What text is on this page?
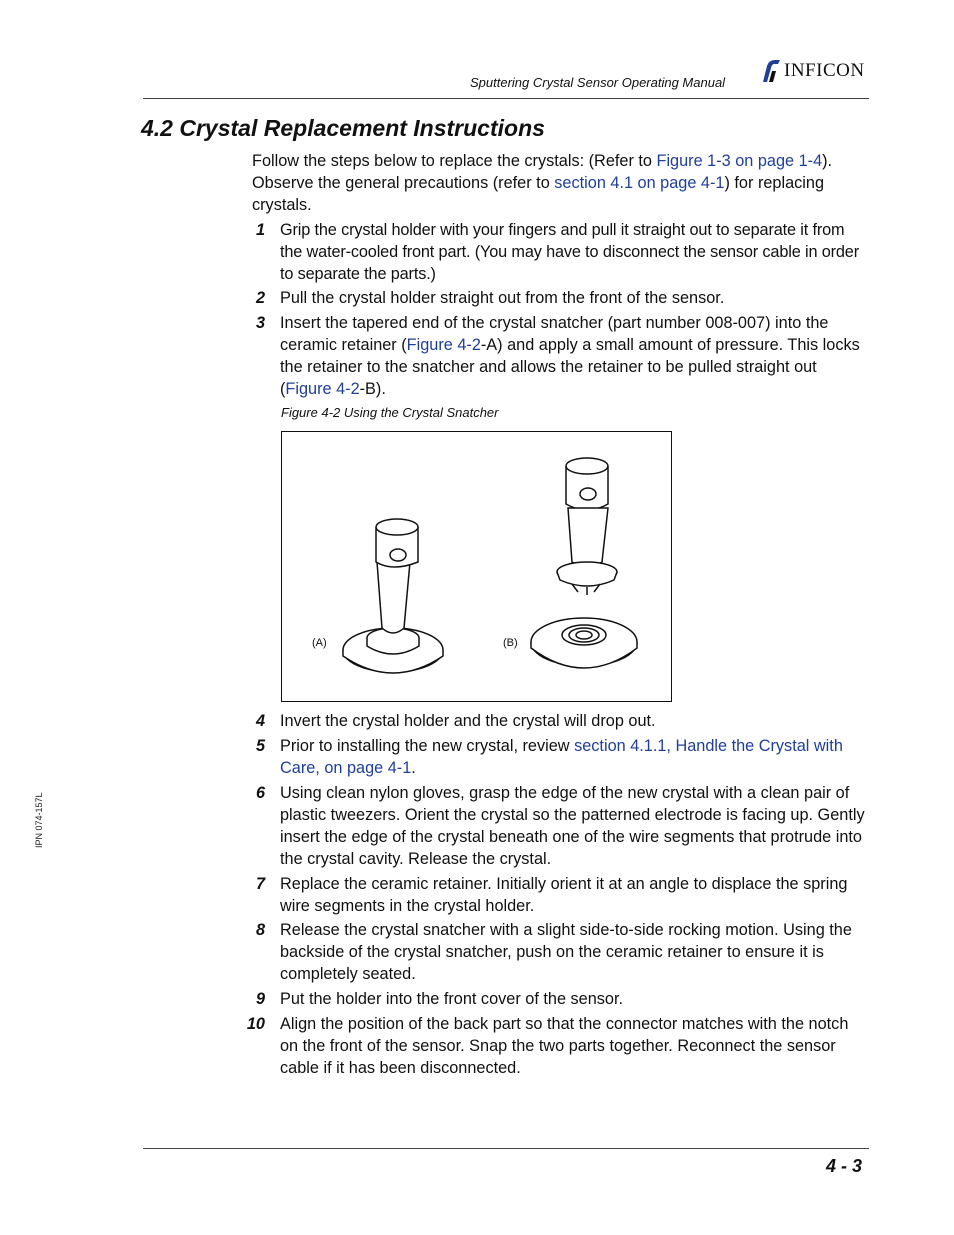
Sputtering Crystal Sensor Operating Manual
INFICON
4.2 Crystal Replacement Instructions
Follow the steps below to replace the crystals: (Refer to Figure 1-3 on page 1-4). Observe the general precautions (refer to section 4.1 on page 4-1) for replacing crystals.
1 Grip the crystal holder with your fingers and pull it straight out to separate it from the water-cooled front part. (You may have to disconnect the sensor cable in order to separate the parts.)
2 Pull the crystal holder straight out from the front of the sensor.
3 Insert the tapered end of the crystal snatcher (part number 008-007) into the ceramic retainer (Figure 4-2-A) and apply a small amount of pressure. This locks the retainer to the snatcher and allows the retainer to be pulled straight out (Figure 4-2-B).
Figure 4-2 Using the Crystal Snatcher
(A)	(B)
4 Invert the crystal holder and the crystal will drop out.
5 Prior to installing the new crystal, review section 4.1.1, Handle the Crystal with Care, on page 4-1.
6 Using clean nylon gloves, grasp the edge of the new crystal with a clean pair of plastic tweezers. Orient the crystal so the patterned electrode is facing up. Gently insert the edge of the crystal beneath one of the wire segments that protrude into the crystal cavity. Release the crystal.
7 Replace the ceramic retainer. Initially orient it at an angle to displace the spring wire segments in the crystal holder.
8 Release the crystal snatcher with a slight side-to-side rocking motion. Using the backside of the crystal snatcher, push on the ceramic retainer to ensure it is completely seated.
9 Put the holder into the front cover of the sensor.
10 Align the position of the back part so that the connector matches with the notch on the front of the sensor. Snap the two parts together. Reconnect the sensor cable if it has been disconnected.
IPN 074-157L
4 - 3
